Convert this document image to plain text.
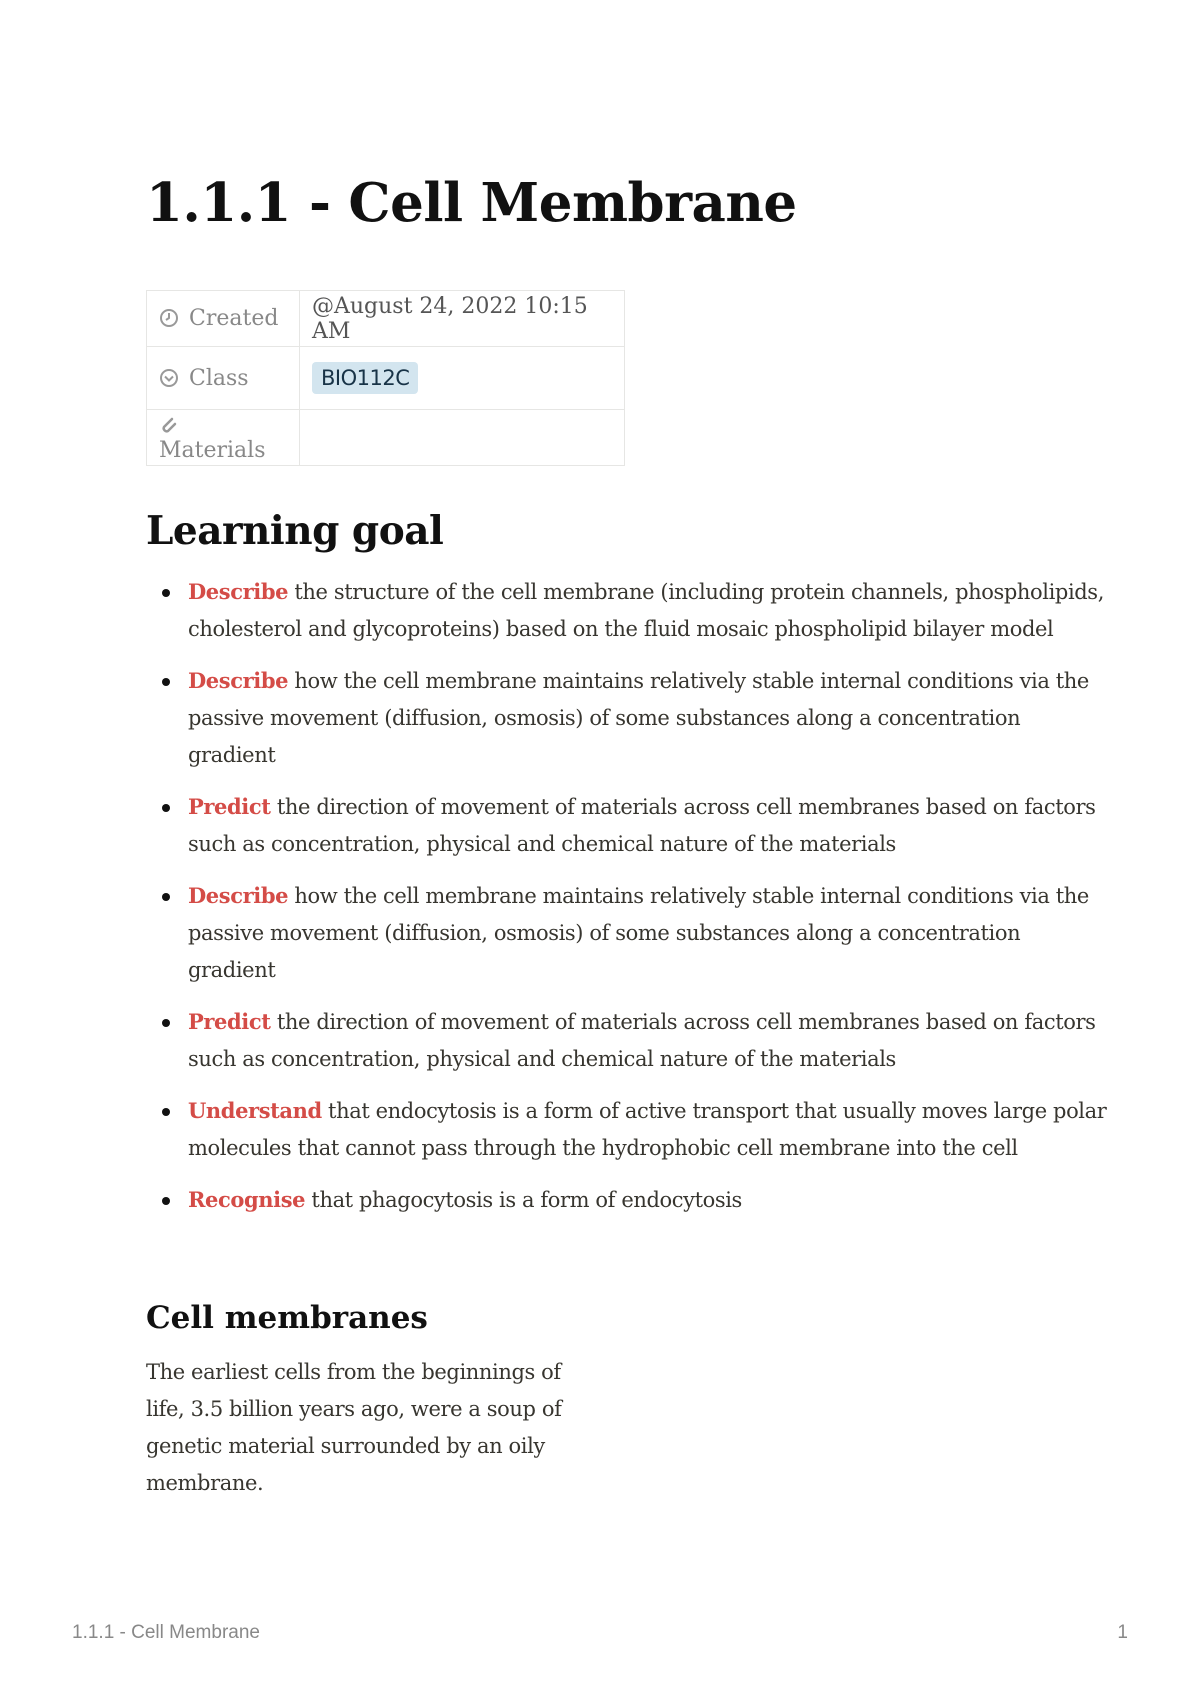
1.1.1 - Cell Membrane
Created	@August 24, 2022 10:15 AM
Class	BIO112C
Materials	
Learning goal
Describe the structure of the cell membrane (including protein channels, phospholipids, cholesterol and glycoproteins) based on the fluid mosaic phospholipid bilayer model
Describe how the cell membrane maintains relatively stable internal conditions via the passive movement (diffusion, osmosis) of some substances along a concentration gradient
Predict the direction of movement of materials across cell membranes based on factors such as concentration, physical and chemical nature of the materials
Describe how the cell membrane maintains relatively stable internal conditions via the passive movement (diffusion, osmosis) of some substances along a concentration gradient
Predict the direction of movement of materials across cell membranes based on factors such as concentration, physical and chemical nature of the materials
Understand that endocytosis is a form of active transport that usually moves large polar molecules that cannot pass through the hydrophobic cell membrane into the cell
Recognise that phagocytosis is a form of endocytosis
Cell membranes

The earliest cells from the beginnings of life, 3.5 billion years ago, were a soup of genetic material surrounded by an oily membrane.

1.1.1 - Cell Membrane	1
